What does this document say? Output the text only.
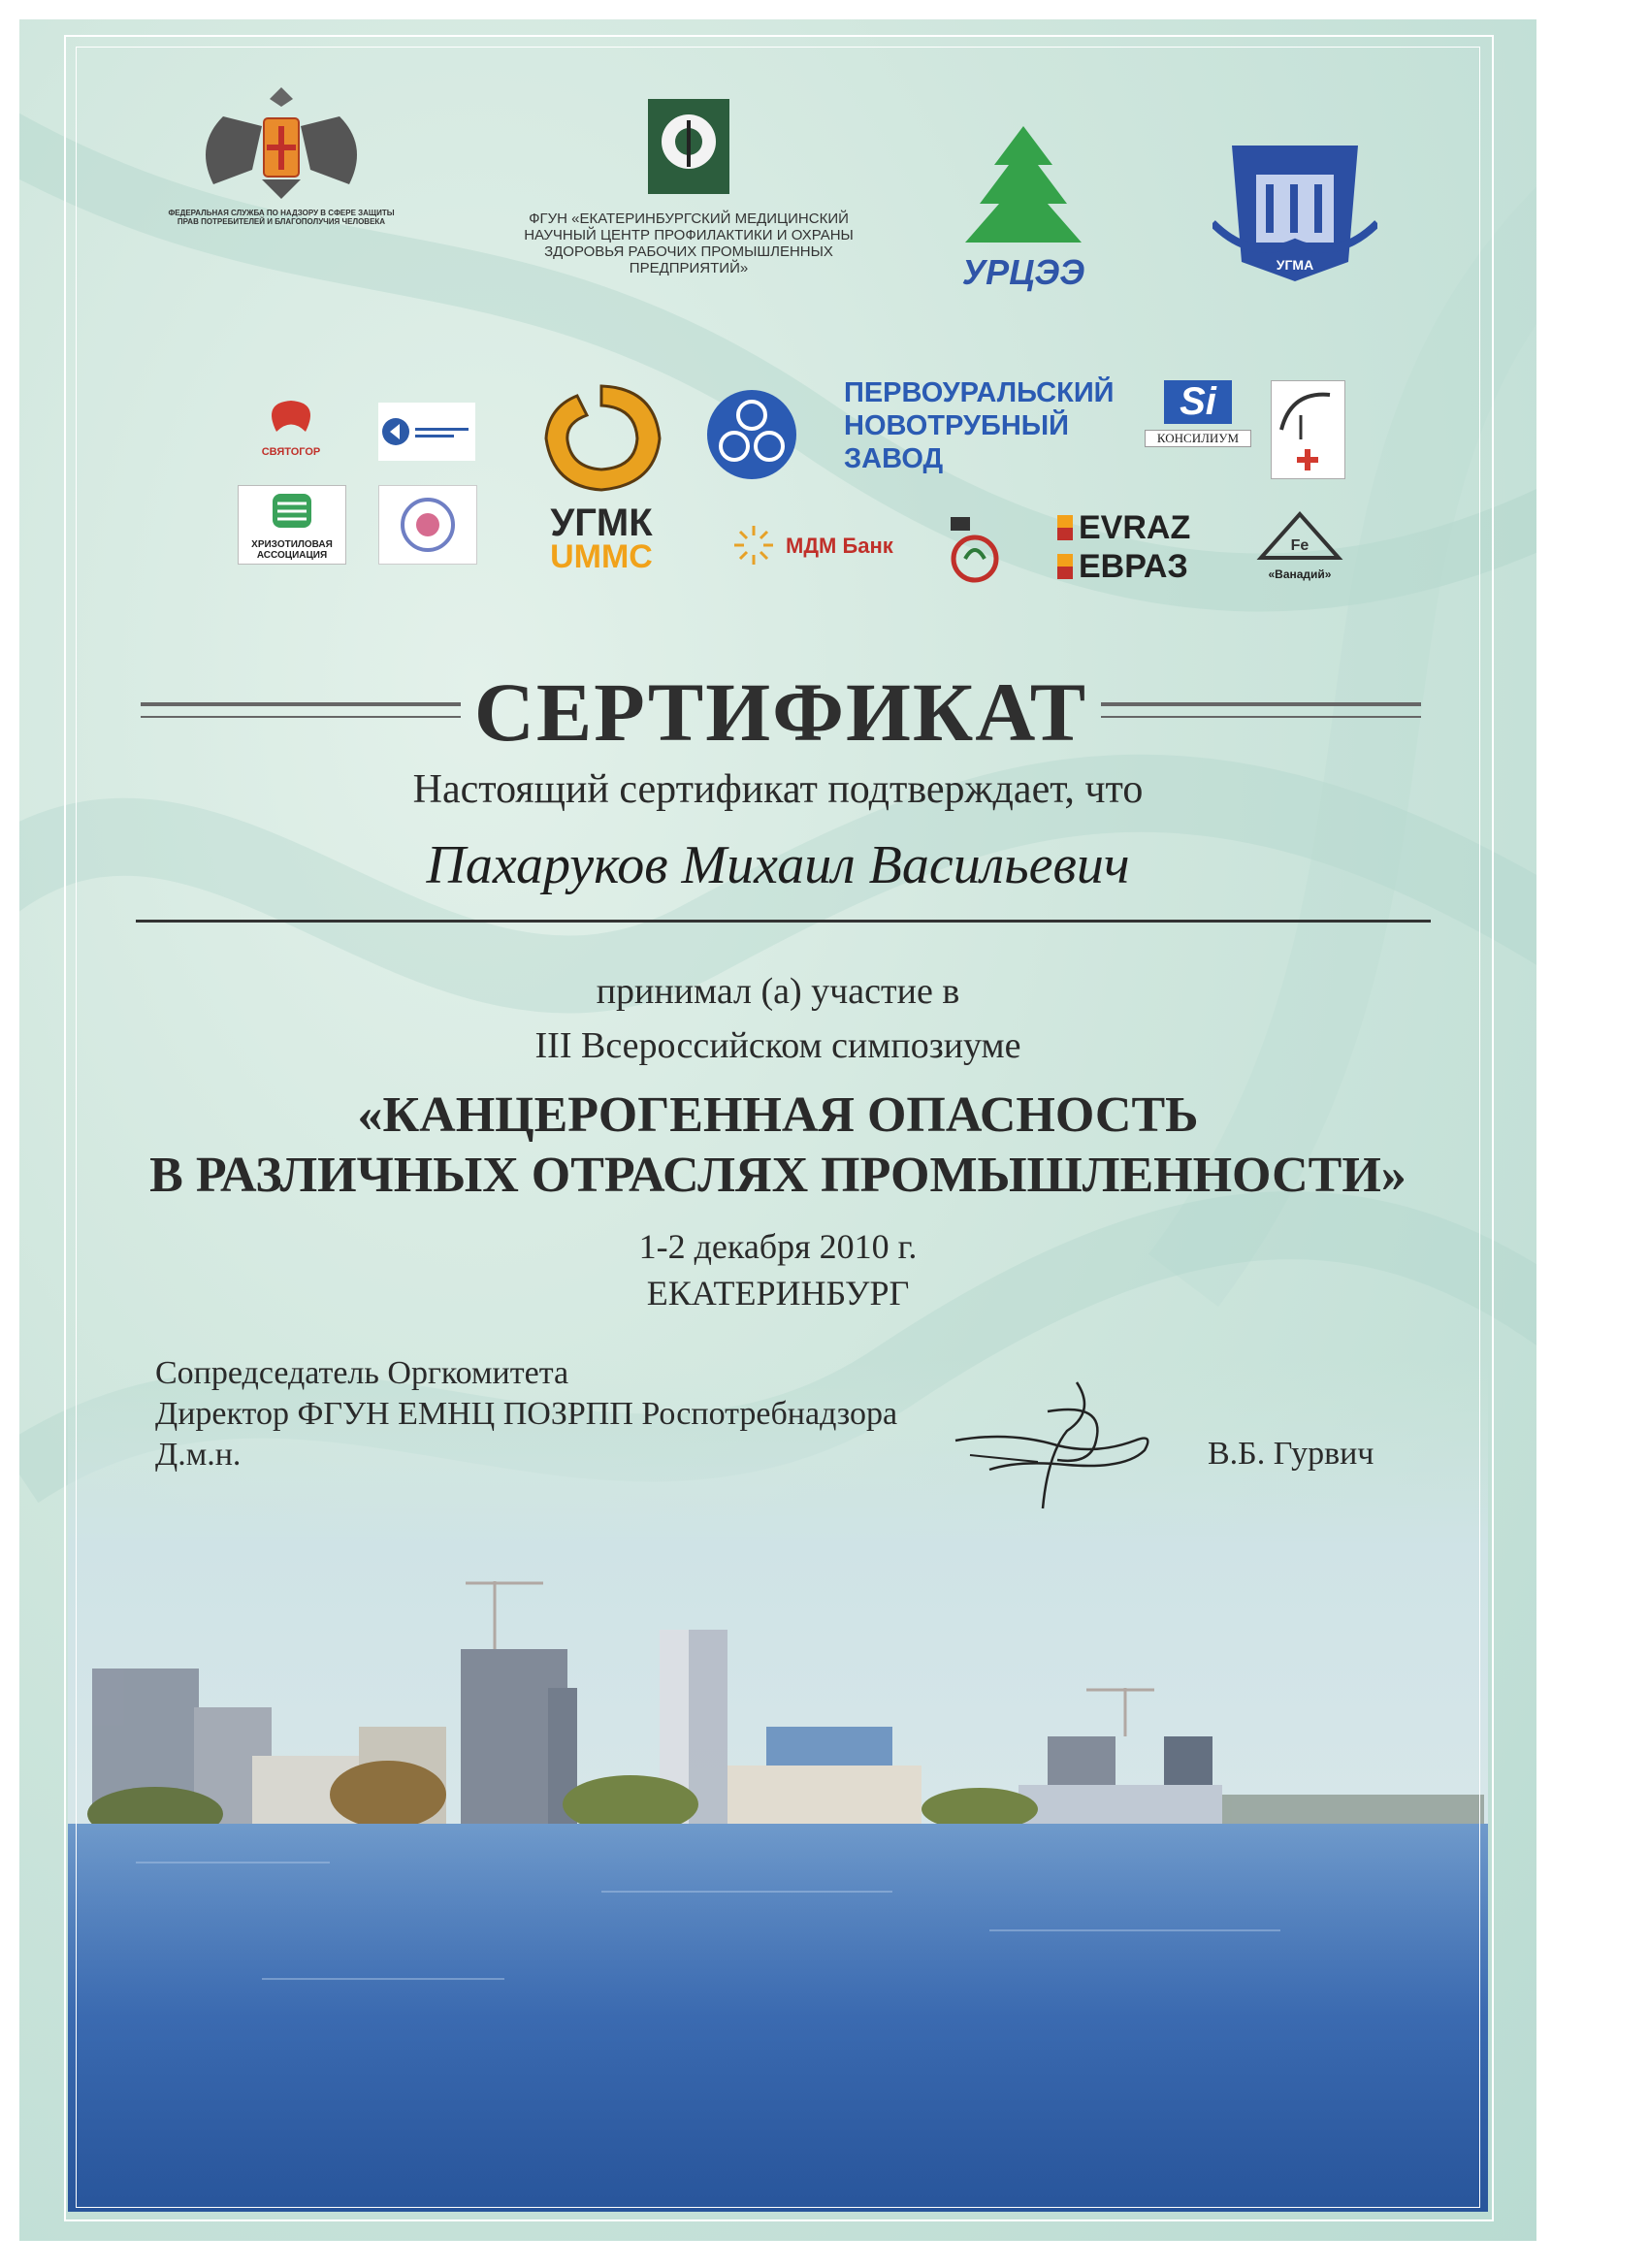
ФЕДЕРАЛЬНАЯ СЛУЖБА ПО НАДЗОРУ В СФЕРЕ ЗАЩИТЫ ПРАВ ПОТРЕБИТЕЛЕЙ И БЛАГОПОЛУЧИЯ ЧЕЛОВЕКА	ФГУН «ЕКАТЕРИНБУРГСКИЙ МЕДИЦИНСКИЙ НАУЧНЫЙ ЦЕНТР ПРОФИЛАКТИКИ И ОХРАНЫ ЗДОРОВЬЯ РАБОЧИХ ПРОМЫШЛЕННЫХ ПРЕДПРИЯТИЙ»	УРЦЭЭ	УГМА
СВЯТОГОР
ХРИЗОТИЛОВАЯ АССОЦИАЦИЯ
УГМК
UMMC
ПЕРВОУРАЛЬСКИЙ НОВОТРУБНЫЙ ЗАВОД
МДМ Банк
Si
КОНСИЛИУМ
EVRAZ
ЕВРАЗ
Fe
«Ванадий»
СЕРТИФИКАТ
Настоящий сертификат подтверждает, что
Пахаруков Михаил Васильевич
принимал (а) участие в
III Всероссийском симпозиуме
«КАНЦЕРОГЕННАЯ ОПАСНОСТЬ
В РАЗЛИЧНЫХ ОТРАСЛЯХ ПРОМЫШЛЕННОСТИ»
1-2 декабря 2010 г.
ЕКАТЕРИНБУРГ
Сопредседатель Оргкомитета
Директор ФГУН ЕМНЦ ПОЗРПП Роспотребнадзора
Д.м.н.	В.Б. Гурвич
